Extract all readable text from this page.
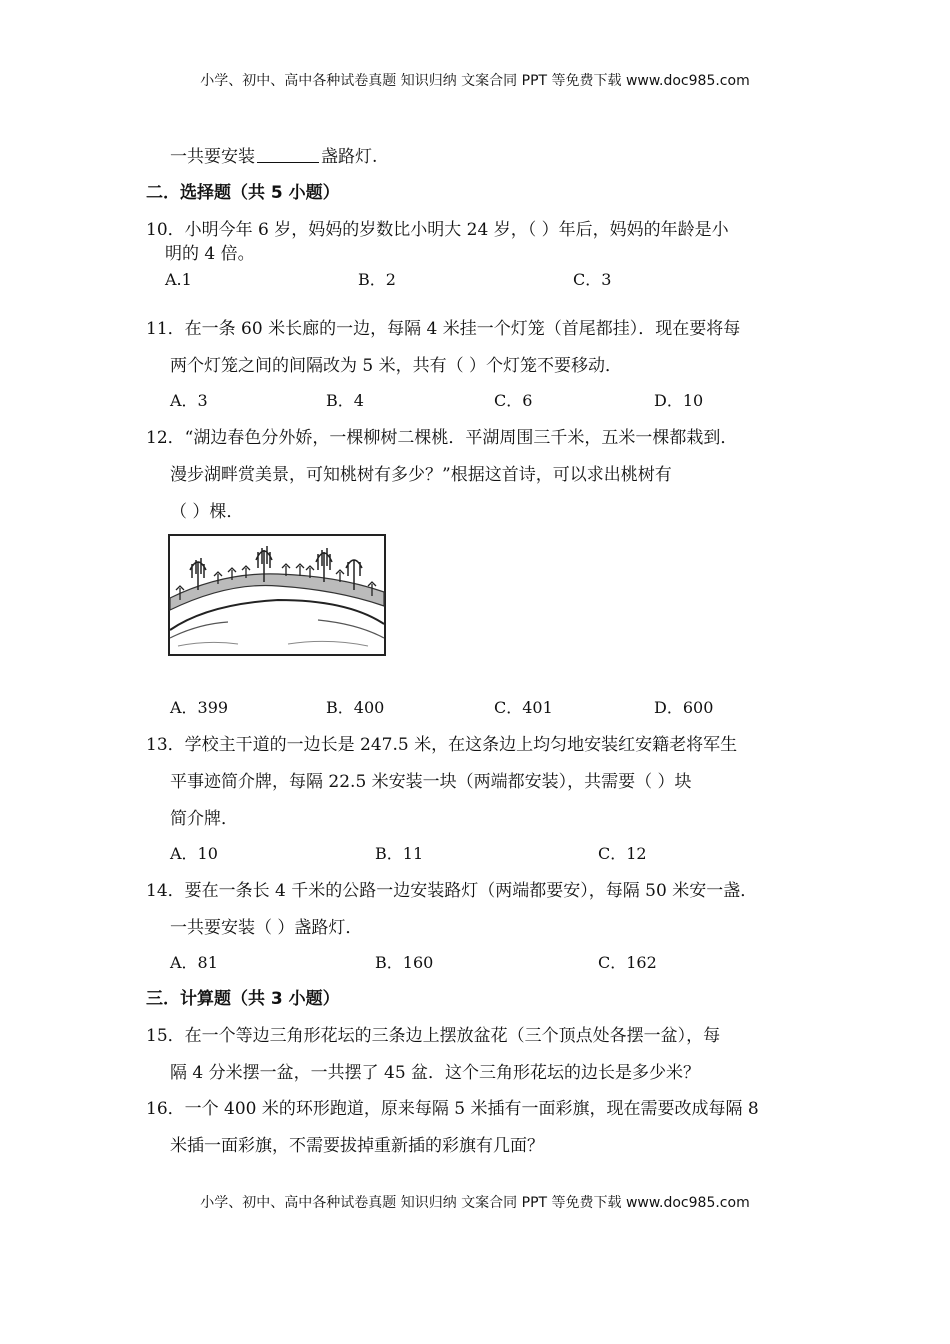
小学、初中、高中各种试卷真题 知识归纳 文案合同 PPT 等免费下载 www.doc985.com
一共要安装	盏路灯.
二．选择题（共 5 小题）
10．小明今年 6 岁，妈妈的岁数比小明大 24 岁，（ ）年后，妈妈的年龄是小
明的 4 倍。
A.1	B．2	C．3
11．在一条 60 米长廊的一边，每隔 4 米挂一个灯笼（首尾都挂）．现在要将每
两个灯笼之间的间隔改为 5 米，共有（ ）个灯笼不要移动．
A．3	B．4	C．6	D．10
12．“湖边春色分外娇，一棵柳树二棵桃．平湖周围三千米，五米一棵都栽到．
漫步湖畔赏美景，可知桃树有多少？”根据这首诗，可以求出桃树有
（ ）棵．
A．399	B．400	C．401	D．600
13．学校主干道的一边长是 247.5 米，在这条边上均匀地安装红安籍老将军生
平事迹简介牌，每隔 22.5 米安装一块（两端都安装），共需要（ ）块
简介牌．
A．10	B．11	C．12
14．要在一条长 4 千米的公路一边安装路灯（两端都要安），每隔 50 米安一盏．
一共要安装（ ）盏路灯．
A．81	B．160	C．162
三．计算题（共 3 小题）
15．在一个等边三角形花坛的三条边上摆放盆花（三个顶点处各摆一盆），每
隔 4 分米摆一盆，一共摆了 45 盆．这个三角形花坛的边长是多少米？
16．一个 400 米的环形跑道，原来每隔 5 米插有一面彩旗，现在需要改成每隔 8
米插一面彩旗，不需要拔掉重新插的彩旗有几面？
小学、初中、高中各种试卷真题 知识归纳 文案合同 PPT 等免费下载 www.doc985.com
